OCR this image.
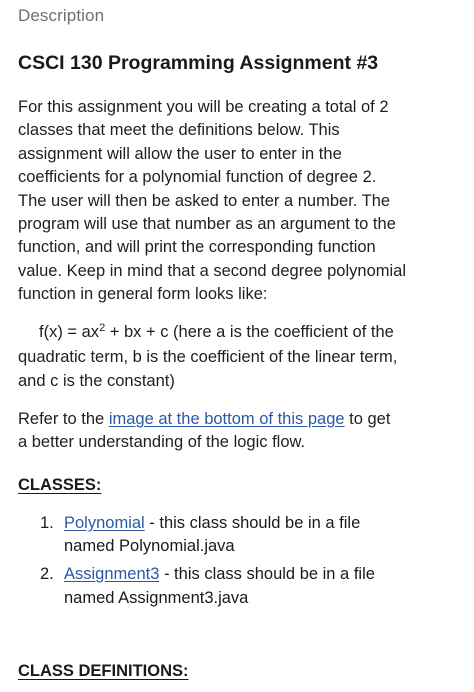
Description
CSCI 130 Programming Assignment #3

For this assignment you will be creating a total of 2
classes that meet the definitions below. This
assignment will allow the user to enter in the
coefficients for a polynomial function of degree 2.
The user will then be asked to enter a number. The
program will use that number as an argument to the
function, and will print the corresponding function
value. Keep in mind that a second degree polynomial
function in general form looks like:

$f(x) = ax^2$ + bx + c (here a is the coefficient of the
quadratic term, b is the coefficient of the linear term,
and c is the constant)

Refer to the image at the bottom of this page to get
a better understanding of the logic flow.

CLASSES:
1. Polynomial - this class should be in a file
named Polynomial.java
2. Assignment3 - this class should be in a file
named Assignment3.java
CLASS DEFINITIONS:
